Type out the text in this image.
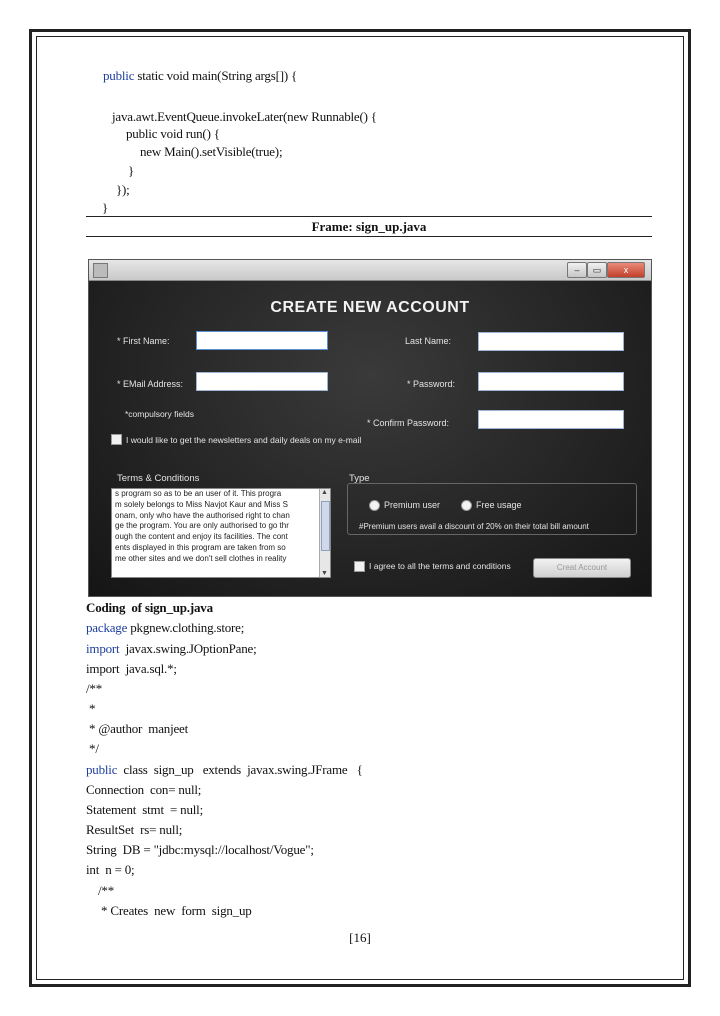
public static void main(String args[]) {
java.awt.EventQueue.invokeLater(new Runnable() {
public void run() {
new Main().setVisible(true);
}
});
}
Frame: sign_up.java
–	▭	x
CREATE NEW ACCOUNT
* First Name:	Last Name:
* EMail Address:	* Password:
*compulsory fields
* Confirm Password:
I would like to get the newsletters and daily deals on my e-mail
Terms & Conditions
s program so as to be an user of it. This progra
m solely belongs to Miss Navjot Kaur and Miss S
onam, only who have the authorised right to chan
ge the program. You are only authorised to go thr
ough the content and enjoy its facilities. The cont
ents displayed in this program are taken from so
me other sites and we don't sell clothes in reality
▲
▼
Type
Premium user	Free usage
#Premium users avail a discount of 20% on their total bill amount
I agree to all the terms and conditions	Creat Account
Coding  of sign_up.java
package pkgnew.clothing.store;
import  javax.swing.JOptionPane;
import  java.sql.*;
/**
*
* @author  manjeet
*/
public  class  sign_up   extends  javax.swing.JFrame   {
Connection  con= null;
Statement  stmt  = null;
ResultSet  rs= null;
String  DB = "jdbc:mysql://localhost/Vogue";
int  n = 0;
/**
* Creates  new  form  sign_up
[16]
